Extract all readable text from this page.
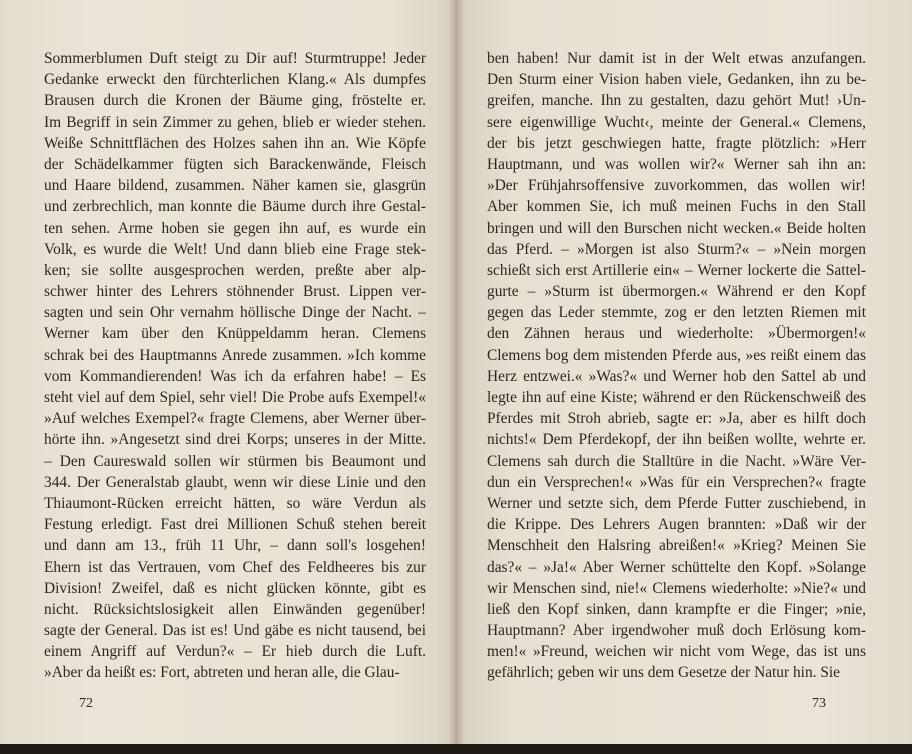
Sommerblumen Duft steigt zu Dir auf! Sturmtruppe! Jeder
Gedanke erweckt den fürchterlichen Klang.« Als dumpfes
Brausen durch die Kronen der Bäume ging, fröstelte er.
Im Begriff in sein Zimmer zu gehen, blieb er wieder stehen.
Weiße Schnittflächen des Holzes sahen ihn an. Wie Köpfe
der Schädelkammer fügten sich Barackenwände, Fleisch
und Haare bildend, zusammen. Näher kamen sie, glasgrün
und zerbrechlich, man konnte die Bäume durch ihre Gestal-
ten sehen. Arme hoben sie gegen ihn auf, es wurde ein
Volk, es wurde die Welt! Und dann blieb eine Frage stek-
ken; sie sollte ausgesprochen werden, preßte aber alp-
schwer hinter des Lehrers stöhnender Brust. Lippen ver-
sagten und sein Ohr vernahm höllische Dinge der Nacht. –
Werner kam über den Knüppeldamm heran. Clemens
schrak bei des Hauptmanns Anrede zusammen. »Ich komme
vom Kommandierenden! Was ich da erfahren habe! – Es
steht viel auf dem Spiel, sehr viel! Die Probe aufs Exempel!«
»Auf welches Exempel?« fragte Clemens, aber Werner über-
hörte ihn. »Angesetzt sind drei Korps; unseres in der Mitte.
– Den Caureswald sollen wir stürmen bis Beaumont und
344. Der Generalstab glaubt, wenn wir diese Linie und den
Thiaumont-Rücken erreicht hätten, so wäre Verdun als
Festung erledigt. Fast drei Millionen Schuß stehen bereit
und dann am 13., früh 11 Uhr, – dann soll's losgehen!
Ehern ist das Vertrauen, vom Chef des Feldheeres bis zur
Division! Zweifel, daß es nicht glücken könnte, gibt es
nicht. Rücksichtslosigkeit allen Einwänden gegenüber!
sagte der General. Das ist es! Und gäbe es nicht tausend, bei
einem Angriff auf Verdun?« – Er hieb durch die Luft.
»Aber da heißt es: Fort, abtreten und heran alle, die Glau-
72
ben haben! Nur damit ist in der Welt etwas anzufangen.
Den Sturm einer Vision haben viele, Gedanken, ihn zu be-
greifen, manche. Ihn zu gestalten, dazu gehört Mut! ›Un-
sere eigenwillige Wucht‹, meinte der General.« Clemens,
der bis jetzt geschwiegen hatte, fragte plötzlich: »Herr
Hauptmann, und was wollen wir?« Werner sah ihn an:
»Der Frühjahrsoffensive zuvorkommen, das wollen wir!
Aber kommen Sie, ich muß meinen Fuchs in den Stall
bringen und will den Burschen nicht wecken.« Beide holten
das Pferd. – »Morgen ist also Sturm?« – »Nein morgen
schießt sich erst Artillerie ein« – Werner lockerte die Sattel-
gurte – »Sturm ist übermorgen.« Während er den Kopf
gegen das Leder stemmte, zog er den letzten Riemen mit
den Zähnen heraus und wiederholte: »Übermorgen!«
Clemens bog dem mistenden Pferde aus, »es reißt einem das
Herz entzwei.« »Was?« und Werner hob den Sattel ab und
legte ihn auf eine Kiste; während er den Rückenschweiß des
Pferdes mit Stroh abrieb, sagte er: »Ja, aber es hilft doch
nichts!« Dem Pferdekopf, der ihn beißen wollte, wehrte er.
Clemens sah durch die Stalltüre in die Nacht. »Wäre Ver-
dun ein Versprechen!« »Was für ein Versprechen?« fragte
Werner und setzte sich, dem Pferde Futter zuschiebend, in
die Krippe. Des Lehrers Augen brannten: »Daß wir der
Menschheit den Halsring abreißen!« »Krieg? Meinen Sie
das?« – »Ja!« Aber Werner schüttelte den Kopf. »Solange
wir Menschen sind, nie!« Clemens wiederholte: »Nie?« und
ließ den Kopf sinken, dann krampfte er die Finger; »nie,
Hauptmann? Aber irgendwoher muß doch Erlösung kom-
men!« »Freund, weichen wir nicht vom Wege, das ist uns
gefährlich; geben wir uns dem Gesetze der Natur hin. Sie
73
